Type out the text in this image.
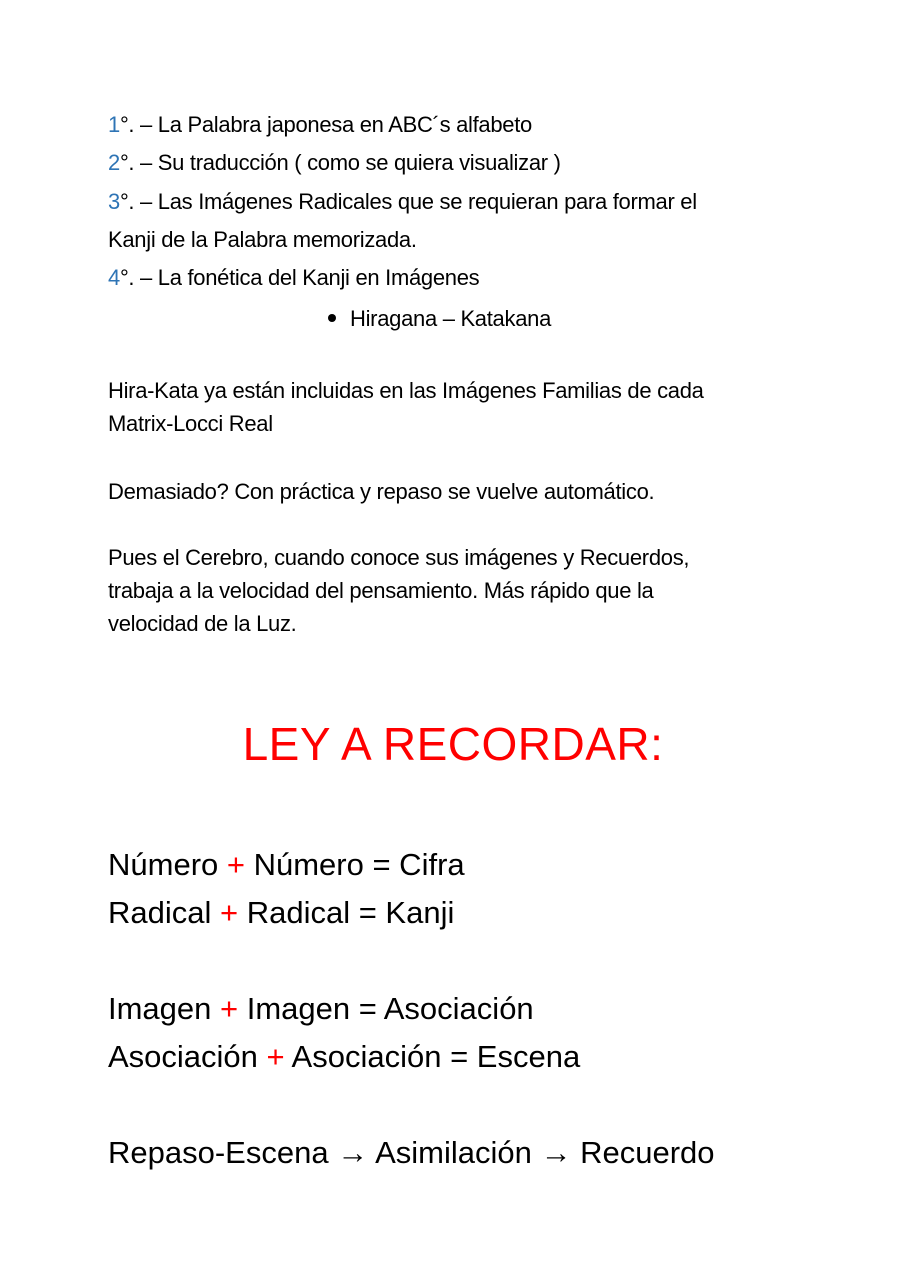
1°. – La Palabra japonesa en ABC´s alfabeto
2°. – Su traducción ( como se quiera visualizar )
3°. – Las Imágenes Radicales que se requieran para formar el
Kanji de la Palabra memorizada.
4°. – La fonética del Kanji en Imágenes
Hiragana – Katakana
Hira-Kata ya están incluidas en las Imágenes Familias de cada
Matrix-Locci Real
Demasiado? Con práctica y repaso se vuelve automático.
Pues el Cerebro, cuando conoce sus imágenes y Recuerdos,
trabaja a la velocidad del pensamiento. Más rápido que la
velocidad de la Luz.
LEY A RECORDAR:
Número + Número = Cifra
Radical + Radical = Kanji
Imagen + Imagen = Asociación
Asociación + Asociación = Escena
Repaso-Escena → Asimilación → Recuerdo
